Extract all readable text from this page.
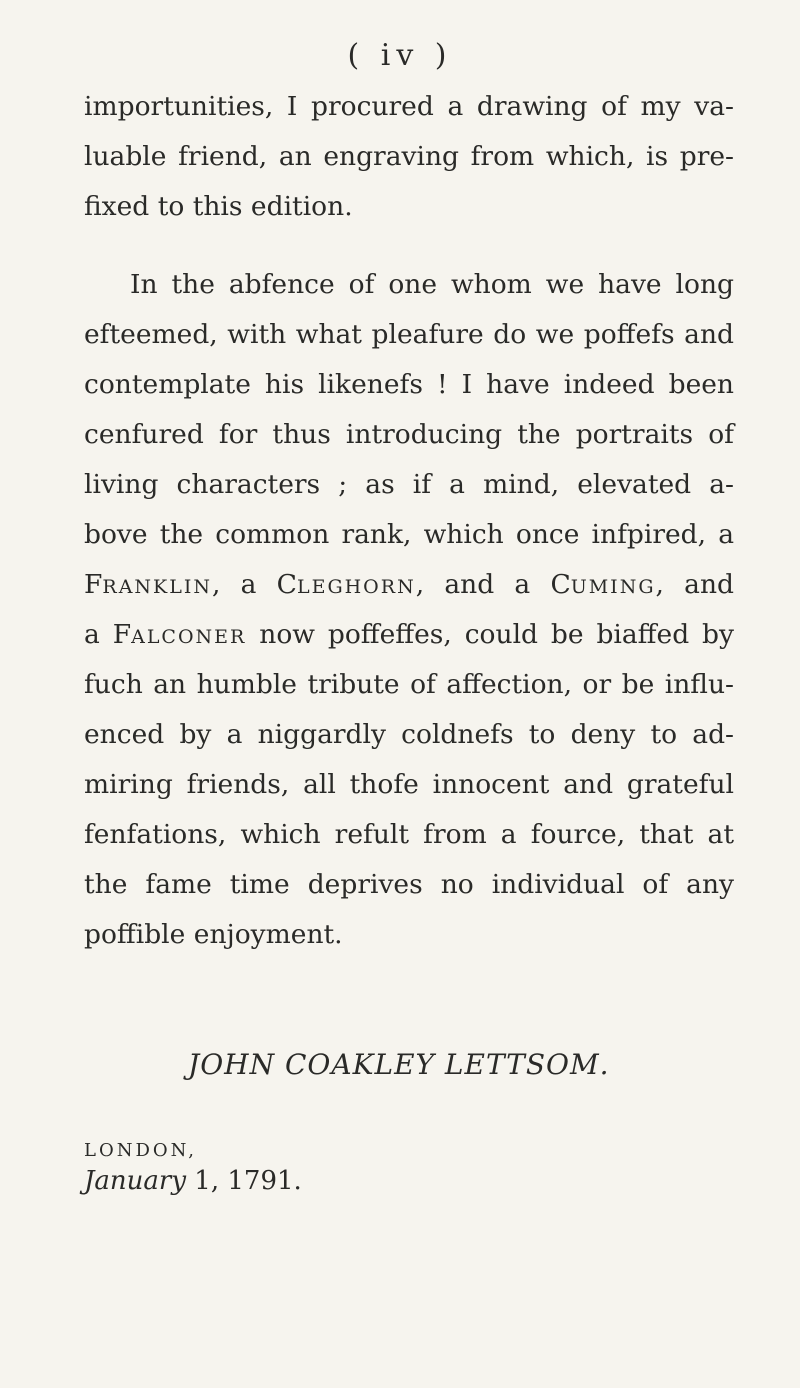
( iv )
importunities, I procured a drawing of my va-
luable friend, an engraving from which, is pre-
fixed to this edition.
In the abfence of one whom we have long
efteemed, with what pleafure do we poffefs and
contemplate his likenefs ! I have indeed been
cenfured for thus introducing the portraits of
living characters ; as if a mind, elevated a-
bove the common rank, which once infpired, a
Franklin, a Cleghorn, and a Cuming, and
a Falconer now poffeffes, could be biaffed by
fuch an humble tribute of affection, or be influ-
enced by a niggardly coldnefs to deny to ad-
miring friends, all thofe innocent and grateful
fenfations, which refult from a fource, that at
the fame time deprives no individual of any
poffible enjoyment.
JOHN COAKLEY LETTSOM.
LONDON,
January 1, 1791.
